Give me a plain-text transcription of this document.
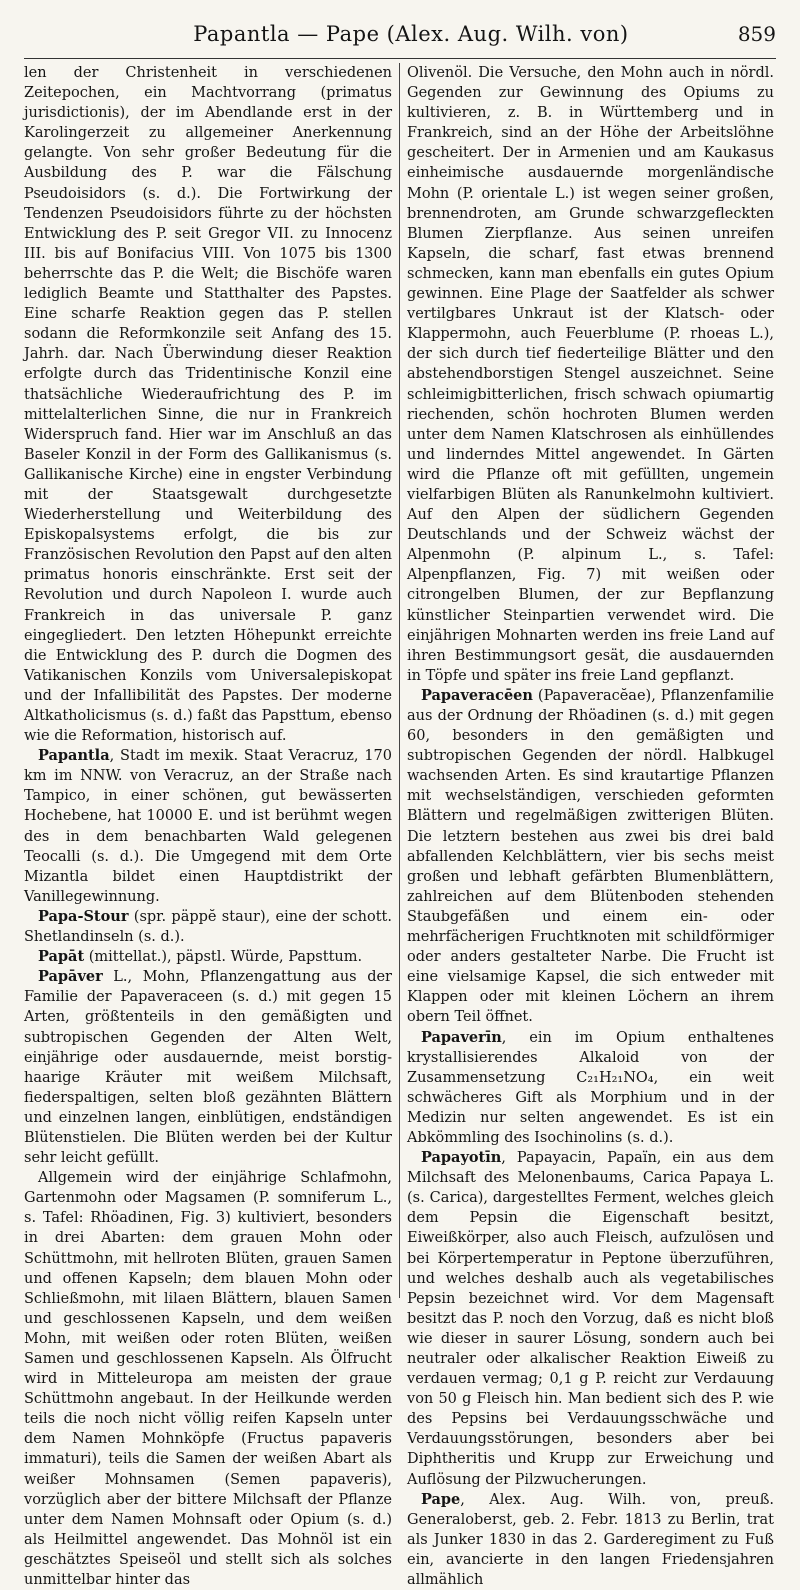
Papantla — Pape (Alex. Aug. Wilh. von)	859

len der Christenheit in verschiedenen Zeitepochen, ein Machtvorrang (primatus jurisdictionis), der im Abendlande erst in der Karolingerzeit zu allgemeiner Anerkennung gelangte. Von sehr großer Bedeutung für die Ausbildung des P. war die Fälschung Pseudoisidors (s. d.). Die Fortwirkung der Tendenzen Pseudoisidors führte zu der höchsten Entwicklung des P. seit Gregor VII. zu Innocenz III. bis auf Bonifacius VIII. Von 1075 bis 1300 beherrschte das P. die Welt; die Bischöfe waren lediglich Beamte und Statthalter des Papstes. Eine scharfe Reaktion gegen das P. stellen sodann die Reformkonzile seit Anfang des 15. Jahrh. dar. Nach Überwindung dieser Reaktion erfolgte durch das Tridentinische Konzil eine thatsächliche Wiederaufrichtung des P. im mittelalterlichen Sinne, die nur in Frankreich Widerspruch fand. Hier war im Anschluß an das Baseler Konzil in der Form des Gallikanismus (s. Gallikanische Kirche) eine in engster Verbindung mit der Staatsgewalt durchgesetzte Wiederherstellung und Weiterbildung des Episkopalsystems erfolgt, die bis zur Französischen Revolution den Papst auf den alten primatus honoris einschränkte. Erst seit der Revolution und durch Napoleon I. wurde auch Frankreich in das universale P. ganz eingegliedert. Den letzten Höhepunkt erreichte die Entwicklung des P. durch die Dogmen des Vatikanischen Konzils vom Universalepiskopat und der Infallibilität des Papstes. Der moderne Altkatholicismus (s. d.) faßt das Papsttum, ebenso wie die Reformation, historisch auf.

Papantla, Stadt im mexik. Staat Veracruz, 170 km im NNW. von Veracruz, an der Straße nach Tampico, in einer schönen, gut bewässerten Hochebene, hat 10000 E. und ist berühmt wegen des in dem benachbarten Wald gelegenen Teocalli (s. d.). Die Umgegend mit dem Orte Mizantla bildet einen Hauptdistrikt der Vanillegewinnung.

Papa-Stour (spr. päppĕ staur), eine der schott. Shetlandinseln (s. d.).

Papāt (mittellat.), päpstl. Würde, Papsttum.

Papāver L., Mohn, Pflanzengattung aus der Familie der Papaveraceen (s. d.) mit gegen 15 Arten, größtenteils in den gemäßigten und subtropischen Gegenden der Alten Welt, einjährige oder ausdauernde, meist borstig-haarige Kräuter mit weißem Milchsaft, fiederspaltigen, selten bloß gezähnten Blättern und einzelnen langen, einblütigen, endständigen Blütenstielen. Die Blüten werden bei der Kultur sehr leicht gefüllt.

Allgemein wird der einjährige Schlafmohn, Gartenmohn oder Magsamen (P. somniferum L., s. Tafel: Rhöadinen, Fig. 3) kultiviert, besonders in drei Abarten: dem grauen Mohn oder Schüttmohn, mit hellroten Blüten, grauen Samen und offenen Kapseln; dem blauen Mohn oder Schließmohn, mit lilaen Blättern, blauen Samen und geschlossenen Kapseln, und dem weißen Mohn, mit weißen oder roten Blüten, weißen Samen und geschlossenen Kapseln. Als Ölfrucht wird in Mitteleuropa am meisten der graue Schüttmohn angebaut. In der Heilkunde werden teils die noch nicht völlig reifen Kapseln unter dem Namen Mohnköpfe (Fructus papaveris immaturi), teils die Samen der weißen Abart als weißer Mohnsamen (Semen papaveris), vorzüglich aber der bittere Milchsaft der Pflanze unter dem Namen Mohnsaft oder Opium (s. d.) als Heilmittel angewendet. Das Mohnöl ist ein geschätztes Speiseöl und stellt sich als solches unmittelbar hinter das

Olivenöl. Die Versuche, den Mohn auch in nördl. Gegenden zur Gewinnung des Opiums zu kultivieren, z. B. in Württemberg und in Frankreich, sind an der Höhe der Arbeitslöhne gescheitert. Der in Armenien und am Kaukasus einheimische ausdauernde morgenländische Mohn (P. orientale L.) ist wegen seiner großen, brennendroten, am Grunde schwarzgefleckten Blumen Zierpflanze. Aus seinen unreifen Kapseln, die scharf, fast etwas brennend schmecken, kann man ebenfalls ein gutes Opium gewinnen. Eine Plage der Saatfelder als schwer vertilgbares Unkraut ist der Klatsch- oder Klappermohn, auch Feuerblume (P. rhoeas L.), der sich durch tief fiederteilige Blätter und den abstehendborstigen Stengel auszeichnet. Seine schleimigbitterlichen, frisch schwach opiumartig riechenden, schön hochroten Blumen werden unter dem Namen Klatschrosen als einhüllendes und linderndes Mittel angewendet. In Gärten wird die Pflanze oft mit gefüllten, ungemein vielfarbigen Blüten als Ranunkelmohn kultiviert. Auf den Alpen der südlichern Gegenden Deutschlands und der Schweiz wächst der Alpenmohn (P. alpinum L., s. Tafel: Alpenpflanzen, Fig. 7) mit weißen oder citrongelben Blumen, der zur Bepflanzung künstlicher Steinpartien verwendet wird. Die einjährigen Mohnarten werden ins freie Land auf ihren Bestimmungsort gesät, die ausdauernden in Töpfe und später ins freie Land gepflanzt.

Papaveracēen (Papaveracĕae), Pflanzenfamilie aus der Ordnung der Rhöadinen (s. d.) mit gegen 60, besonders in den gemäßigten und subtropischen Gegenden der nördl. Halbkugel wachsenden Arten. Es sind krautartige Pflanzen mit wechselständigen, verschieden geformten Blättern und regelmäßigen zwitterigen Blüten. Die letztern bestehen aus zwei bis drei bald abfallenden Kelchblättern, vier bis sechs meist großen und lebhaft gefärbten Blumenblättern, zahlreichen auf dem Blütenboden stehenden Staubgefäßen und einem ein- oder mehrfächerigen Fruchtknoten mit schildförmiger oder anders gestalteter Narbe. Die Frucht ist eine vielsamige Kapsel, die sich entweder mit Klappen oder mit kleinen Löchern an ihrem obern Teil öffnet.

Papaverīn, ein im Opium enthaltenes krystallisierendes Alkaloid von der Zusammensetzung C₂₁H₂₁NO₄, ein weit schwächeres Gift als Morphium und in der Medizin nur selten angewendet. Es ist ein Abkömmling des Isochinolins (s. d.).

Papayotīn, Papayacin, Papaïn, ein aus dem Milchsaft des Melonenbaums, Carica Papaya L. (s. Carica), dargestelltes Ferment, welches gleich dem Pepsin die Eigenschaft besitzt, Eiweißkörper, also auch Fleisch, aufzulösen und bei Körpertemperatur in Peptone überzuführen, und welches deshalb auch als vegetabilisches Pepsin bezeichnet wird. Vor dem Magensaft besitzt das P. noch den Vorzug, daß es nicht bloß wie dieser in saurer Lösung, sondern auch bei neutraler oder alkalischer Reaktion Eiweiß zu verdauen vermag; 0,1 g P. reicht zur Verdauung von 50 g Fleisch hin. Man bedient sich des P. wie des Pepsins bei Verdauungsschwäche und Verdauungsstörungen, besonders aber bei Diphtheritis und Krupp zur Erweichung und Auflösung der Pilzwucherungen.

Pape, Alex. Aug. Wilh. von, preuß. Generaloberst, geb. 2. Febr. 1813 zu Berlin, trat als Junker 1830 in das 2. Garderegiment zu Fuß ein, avancierte in den langen Friedensjahren allmählich
